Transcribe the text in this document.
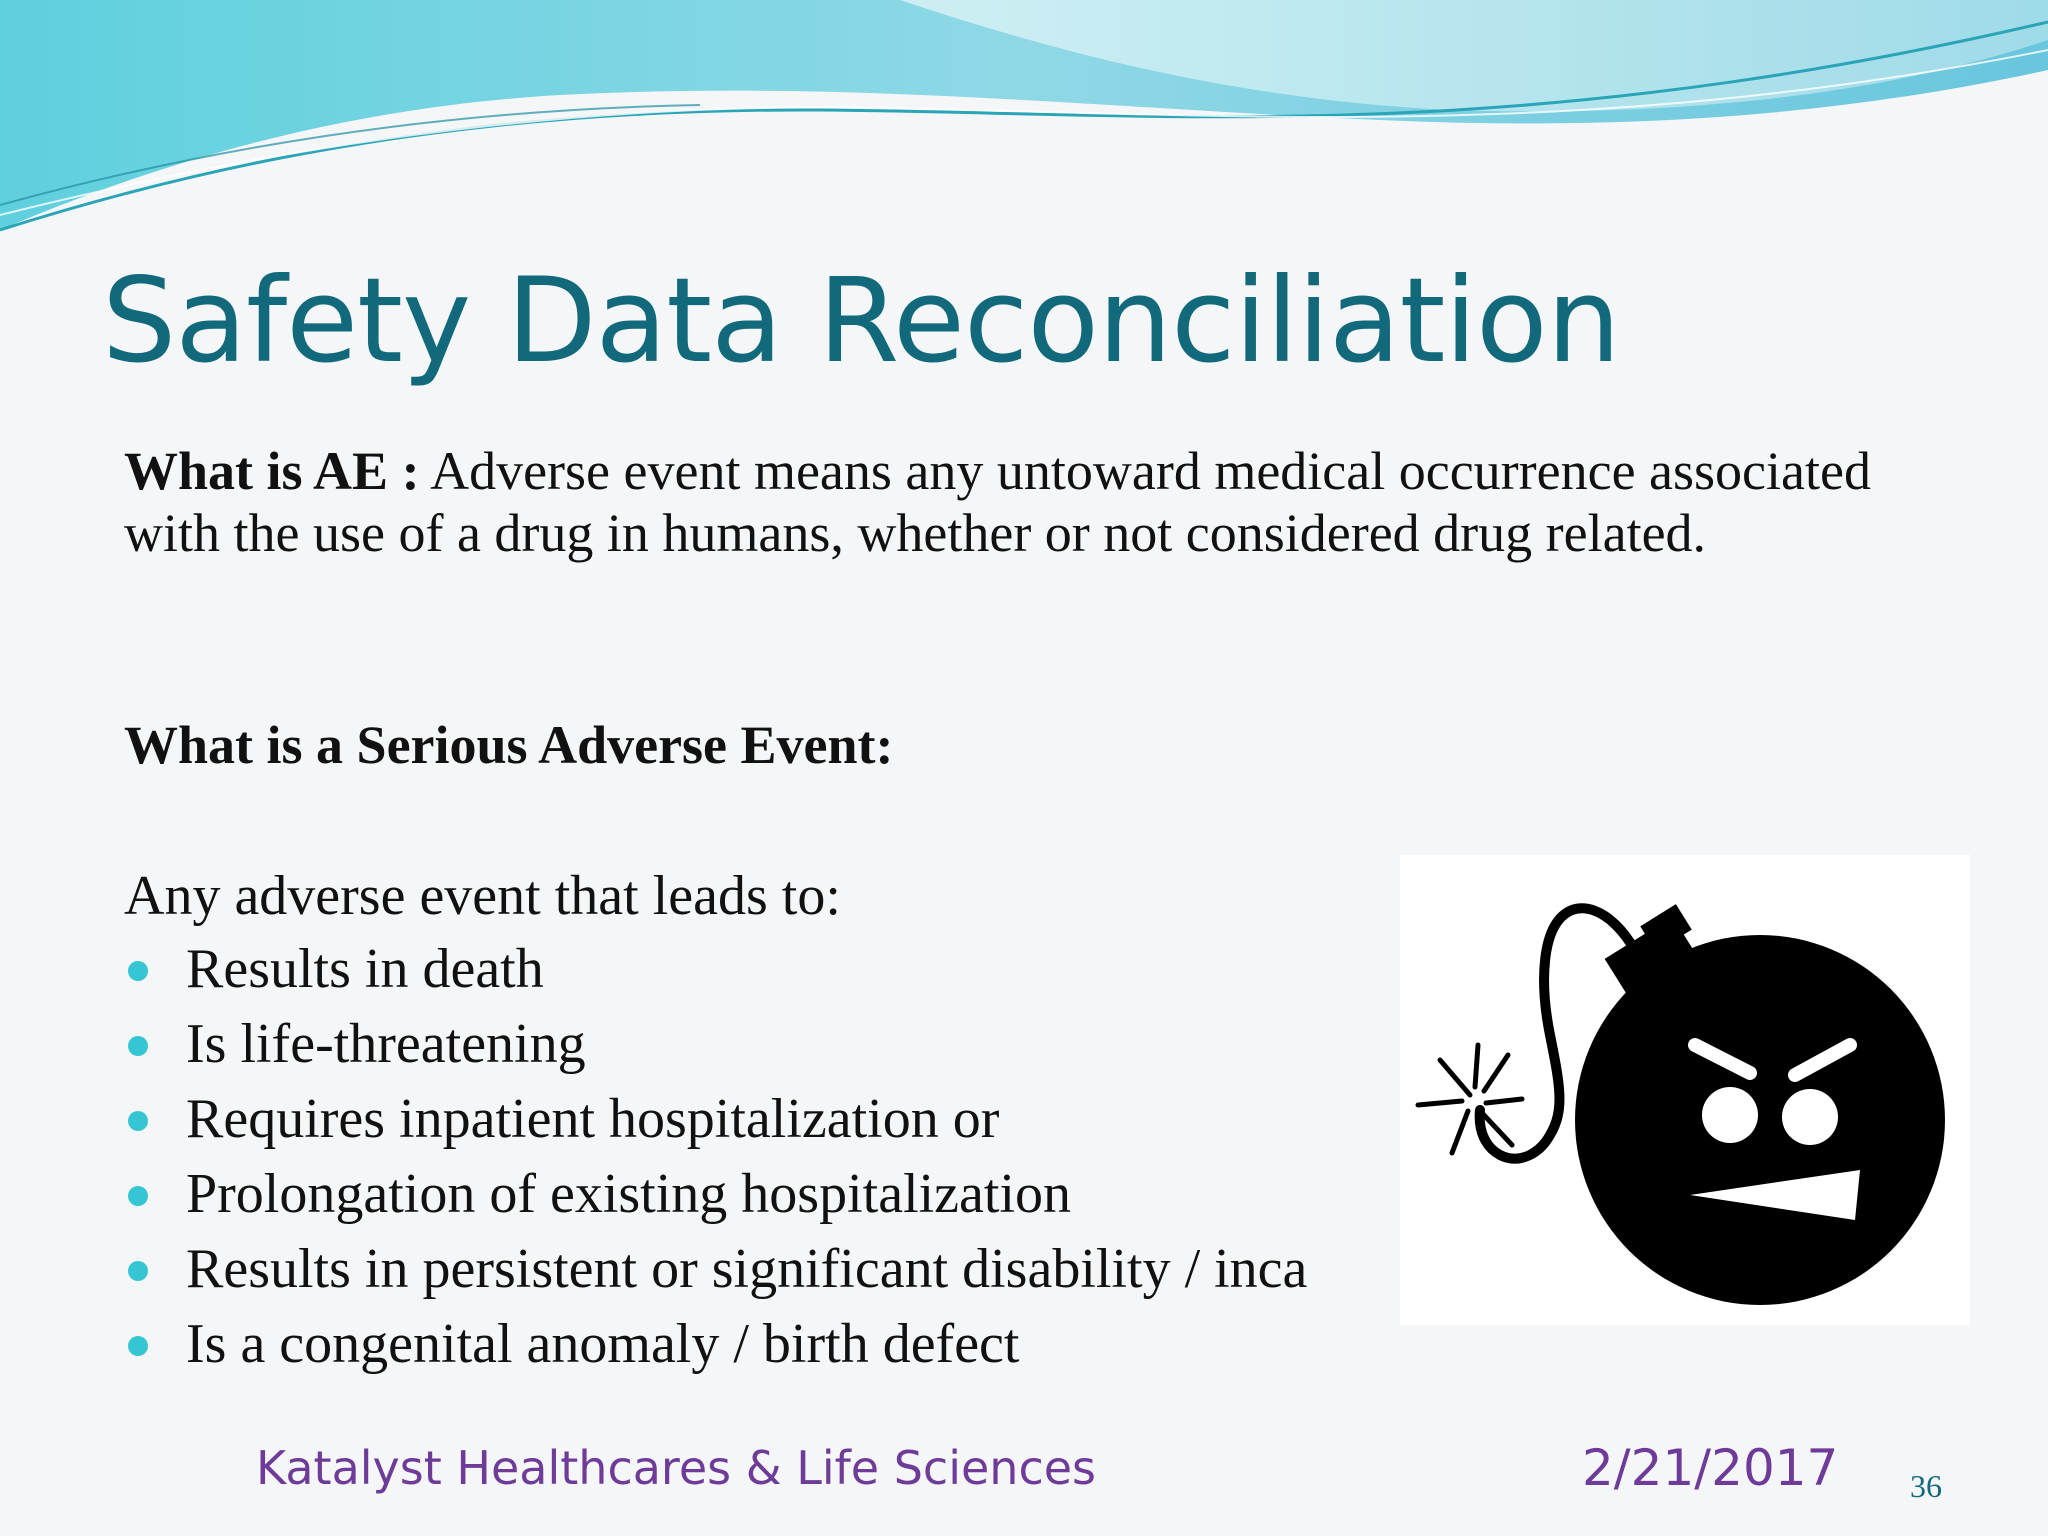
Safety Data Reconciliation

What is AE : Adverse event means any untoward medical occurrence associated with the use of a drug in humans, whether or not considered drug related.

What is a Serious Adverse Event:

Any adverse event that leads to:

Results in death
Is life-threatening
Requires inpatient hospitalization or
Prolongation of existing hospitalization
Results in persistent or significant disability / inca
Is a congenital anomaly / birth defect

Katalyst Healthcares & Life Sciences	2/21/2017 36
